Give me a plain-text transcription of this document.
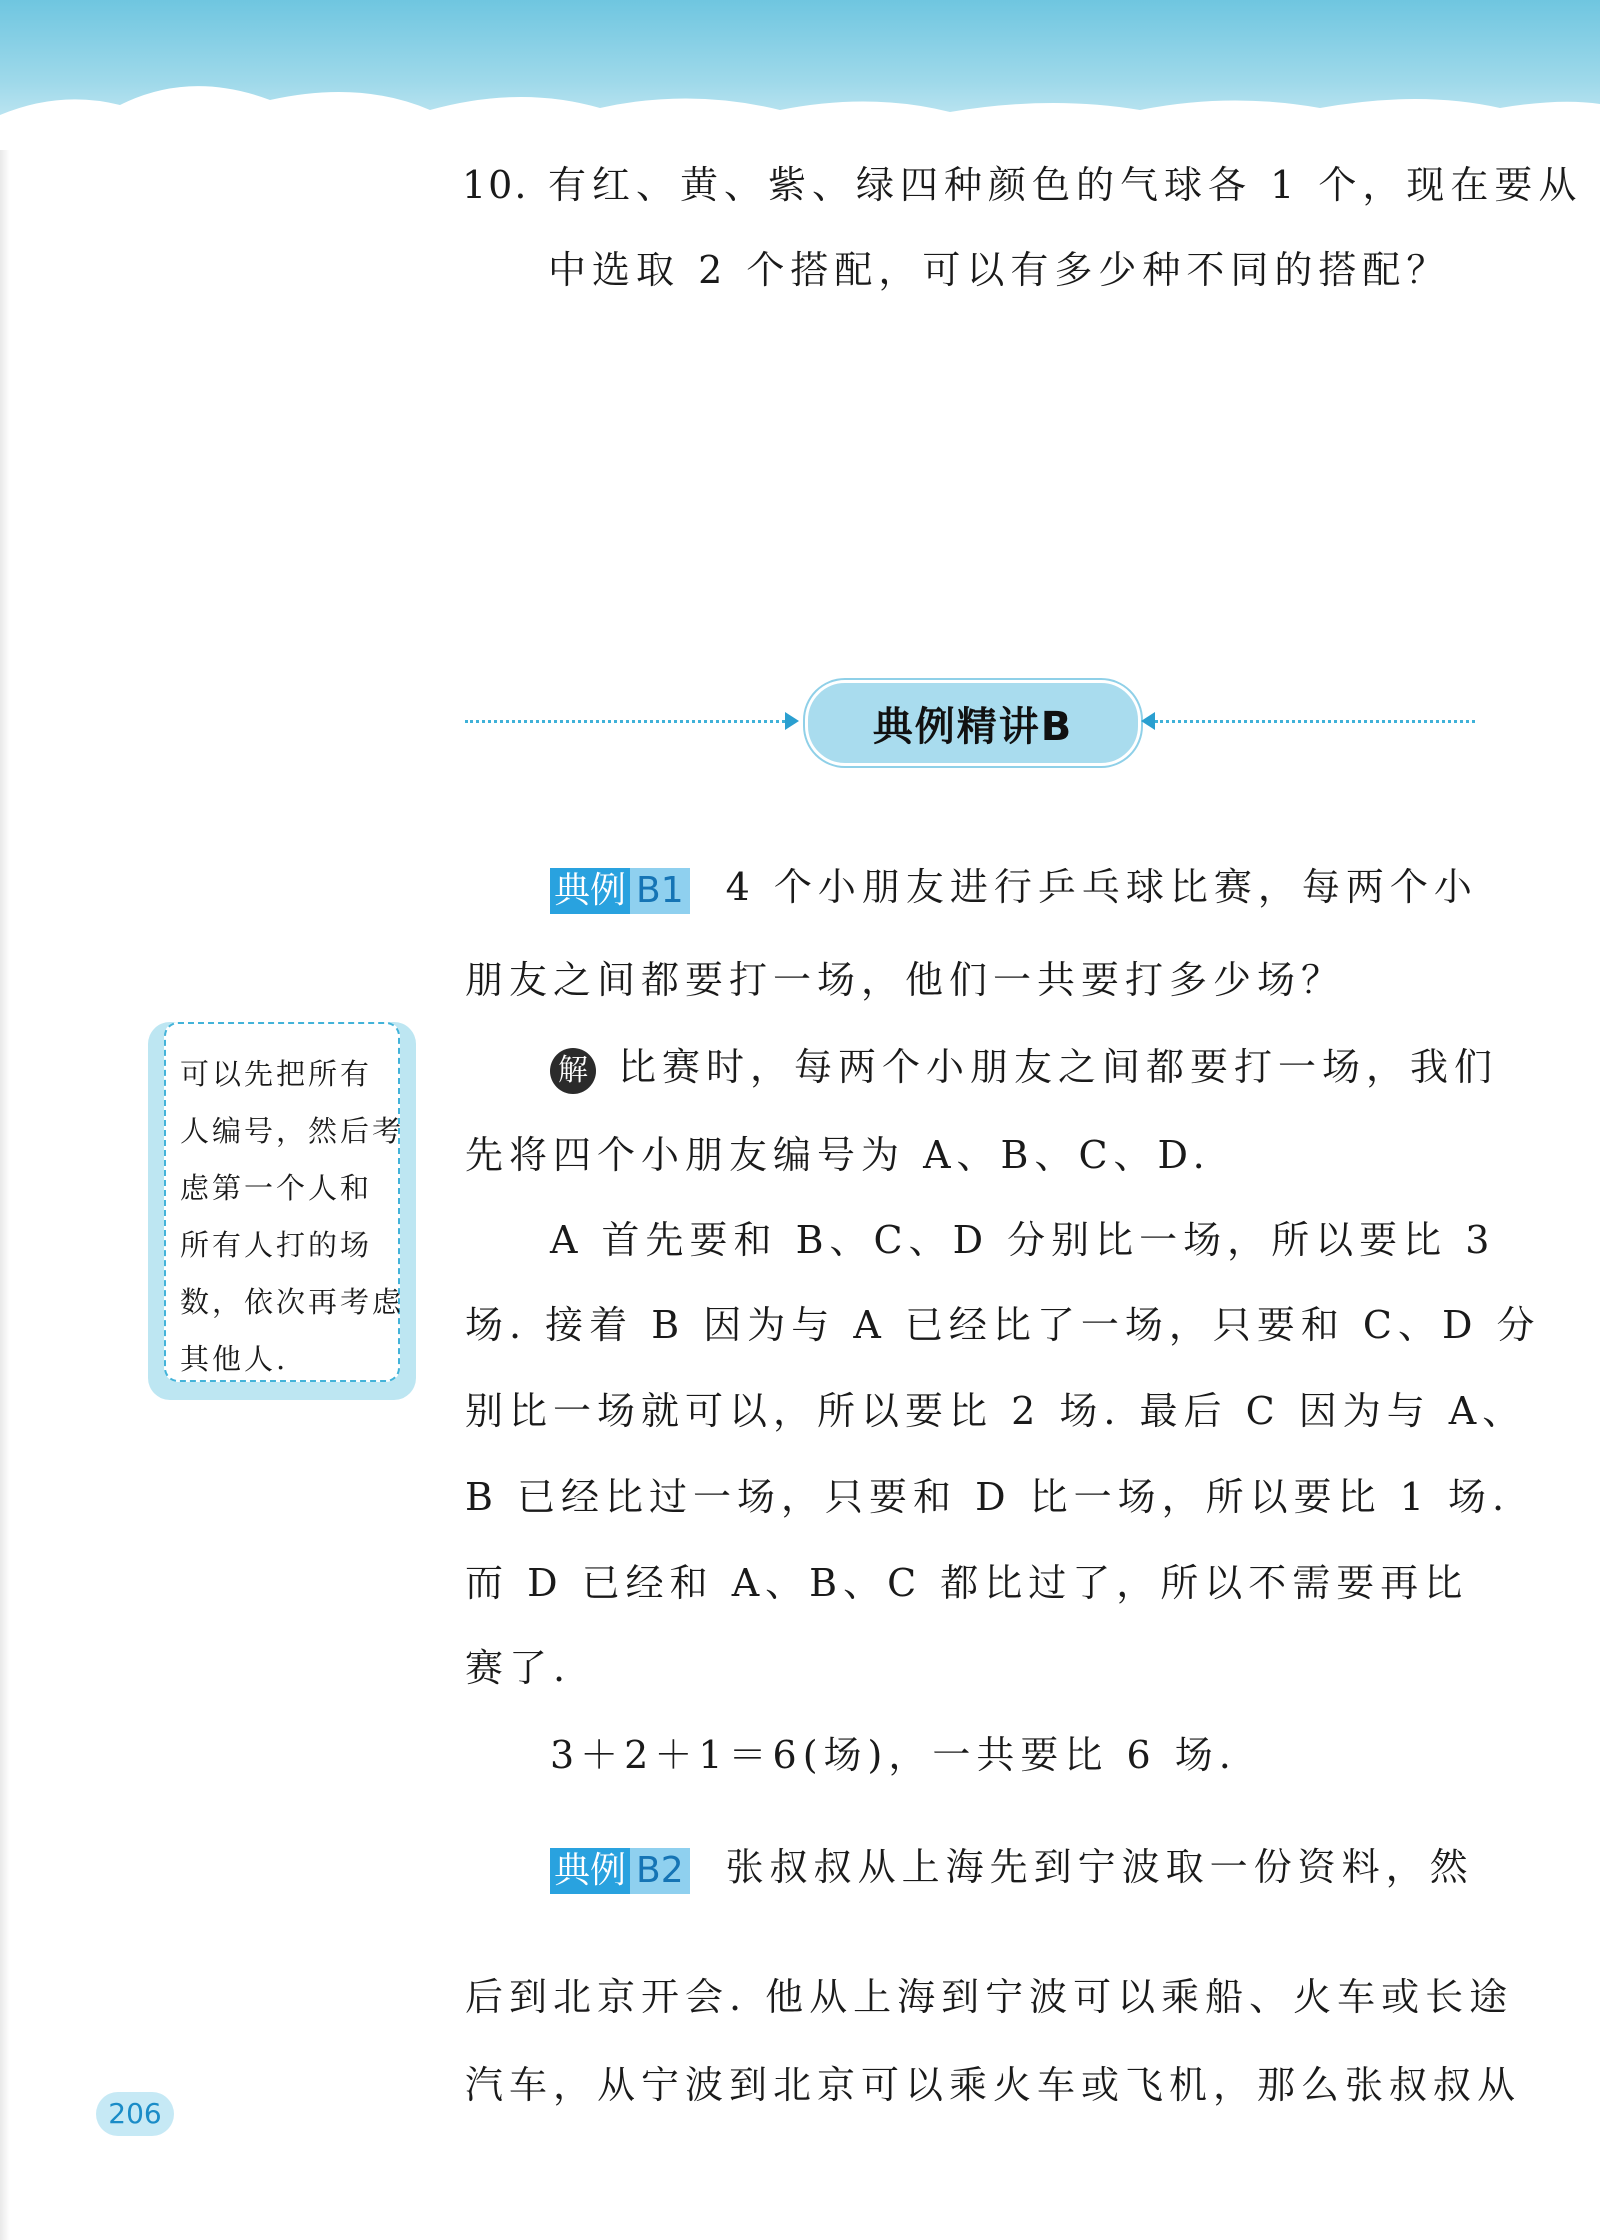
10. 有红、黄、紫、绿四种颜色的气球各 1 个，现在要从
中选取 2 个搭配，可以有多少种不同的搭配？
典例精讲B
典例 B1 4 个小朋友进行乒乓球比赛，每两个小
朋友之间都要打一场，他们一共要打多少场？
解 比赛时，每两个小朋友之间都要打一场，我们
先将四个小朋友编号为 A、B、C、D.
A 首先要和 B、C、D 分别比一场，所以要比 3
场. 接着 B 因为与 A 已经比了一场，只要和 C、D 分
别比一场就可以，所以要比 2 场. 最后 C 因为与 A、
B 已经比过一场，只要和 D 比一场，所以要比 1 场.
而 D 已经和 A、B、C 都比过了，所以不需要再比
赛了.
3＋2＋1＝6(场)，一共要比 6 场.
可以先把所有
人编号，然后考
虑第一个人和
所有人打的场
数，依次再考虑
其他人.
典例 B2 张叔叔从上海先到宁波取一份资料，然
后到北京开会. 他从上海到宁波可以乘船、火车或长途
汽车，从宁波到北京可以乘火车或飞机，那么张叔叔从
206
